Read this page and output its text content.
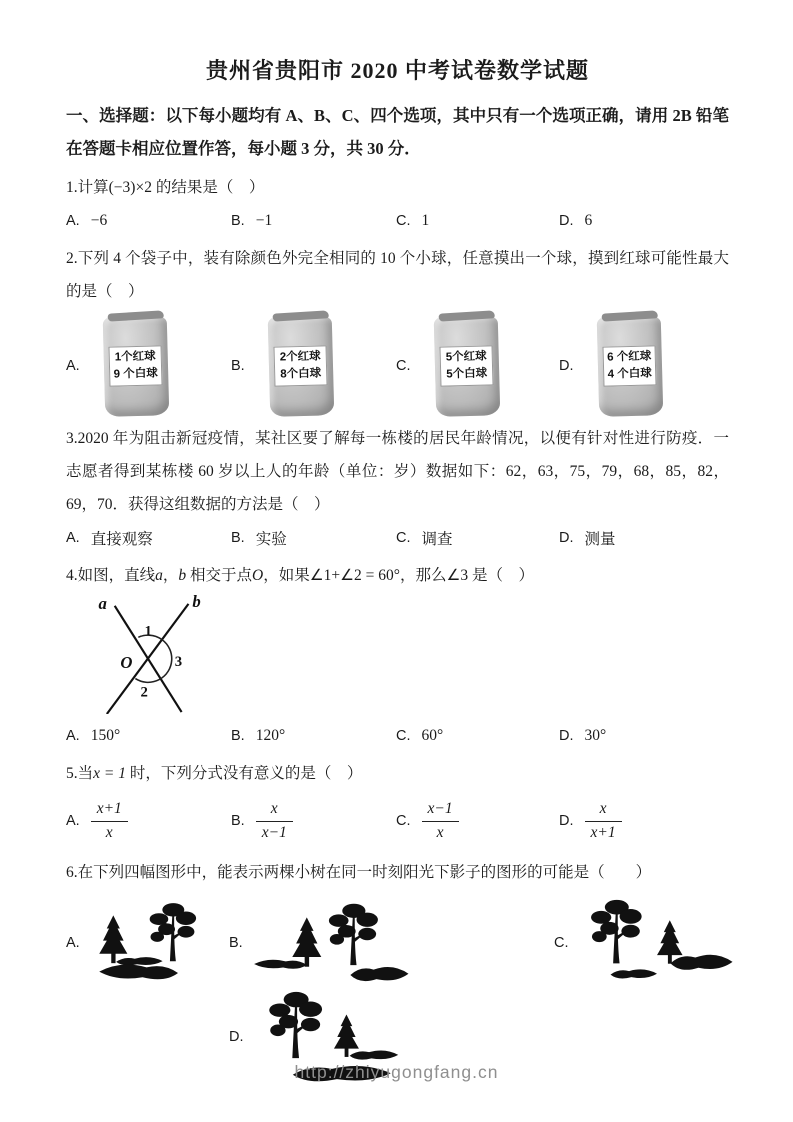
贵州省贵阳市 2020 中考试卷数学试题

一、选择题：以下每小题均有 A、B、C、四个选项，其中只有一个选项正确，请用 2B 铅笔在答题卡相应位置作答，每小题 3 分，共 30 分．

1.计算(−3)×2 的结果是（　）

A. −6	B. −1	C. 1	D. 6

2.下列 4 个袋子中，装有除颜色外完全相同的 10 个小球，任意摸出一个球，摸到红球可能性最大的是（　）

A.
1个红球
9 个白球
B.
2个红球
8个白球
C.
5个红球
5个白球
D.
6 个红球
4 个白球

3.2020 年为阻击新冠疫情，某社区要了解每一栋楼的居民年龄情况，以便有针对性进行防疫．一志愿者得到某栋楼 60 岁以上人的年龄（单位：岁）数据如下：62，63，75，79，68，85，82，69，70．获得这组数据的方法是（　）

A. 直接观察	B. 实验	C. 调查	D. 测量

4.如图，直线a，b 相交于点O，如果∠1+∠2 = 60°，那么∠3 是（　）

a	b
1
3
2
O
A. 150°	B. 120°	C. 60°	D. 30°

5.当x = 1 时，下列分式没有意义的是（　）

A. $\frac{x+1}{x}$	B. $\frac{x}{x-1}$	C. $\frac{x-1}{x}$	D. $\frac{x}{x+1}$

6.在下列四幅图形中，能表示两棵小树在同一时刻阳光下影子的图形的可能是（　　）

A.	B.	C.
D.
http://zhiyugongfang.cn
